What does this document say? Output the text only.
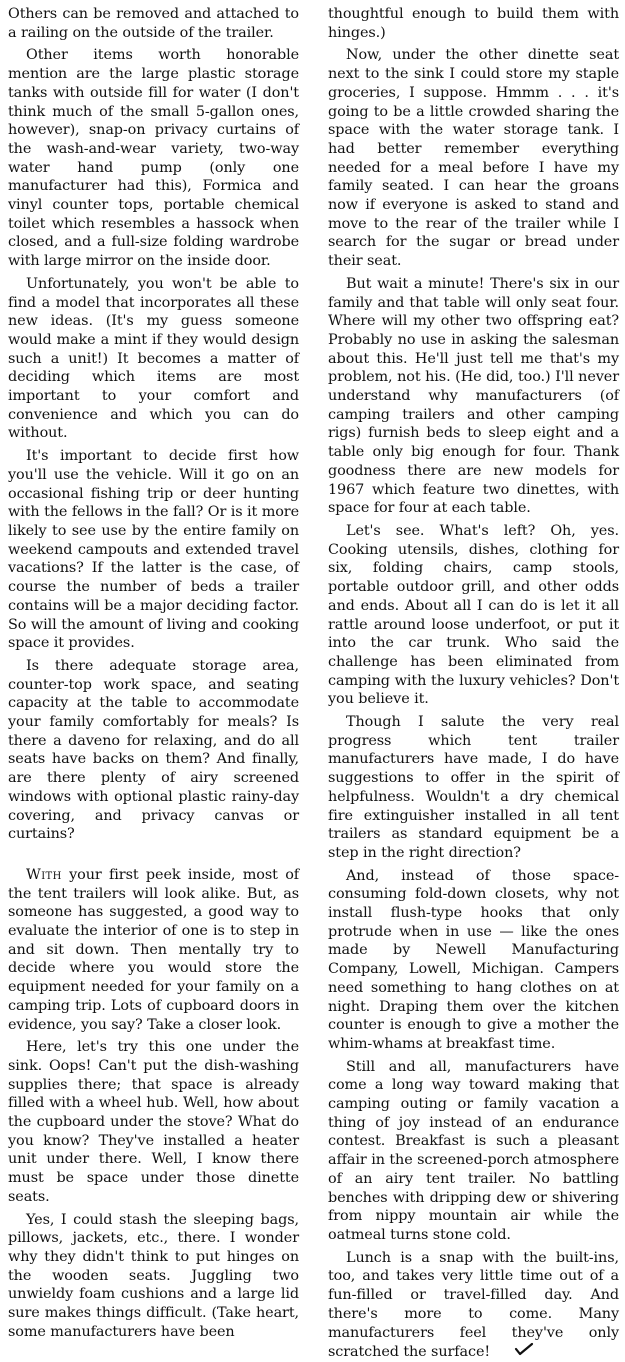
Others can be removed and attached to a railing on the outside of the trailer.

Other items worth honorable mention are the large plastic storage tanks with outside fill for water (I don't think much of the small 5-gallon ones, however), snap-on privacy curtains of the wash-and-wear variety, two-way water hand pump (only one manufacturer had this), Formica and vinyl counter tops, portable chemical toilet which resembles a hassock when closed, and a full-size folding wardrobe with large mirror on the inside door.

Unfortunately, you won't be able to find a model that incorporates all these new ideas. (It's my guess someone would make a mint if they would design such a unit!) It becomes a matter of deciding which items are most important to your comfort and convenience and which you can do without.

It's important to decide first how you'll use the vehicle. Will it go on an occasional fishing trip or deer hunting with the fellows in the fall? Or is it more likely to see use by the entire family on weekend campouts and extended travel vacations? If the latter is the case, of course the number of beds a trailer contains will be a major deciding factor. So will the amount of living and cooking space it provides.

Is there adequate storage area, counter-top work space, and seating capacity at the table to accommodate your family comfortably for meals? Is there a daveno for relaxing, and do all seats have backs on them? And finally, are there plenty of airy screened windows with optional plastic rainy-day covering, and privacy canvas or curtains?

With your first peek inside, most of the tent trailers will look alike. But, as someone has suggested, a good way to evaluate the interior of one is to step in and sit down. Then mentally try to decide where you would store the equipment needed for your family on a camping trip. Lots of cupboard doors in evidence, you say? Take a closer look.

Here, let's try this one under the sink. Oops! Can't put the dish-washing supplies there; that space is already filled with a wheel hub. Well, how about the cupboard under the stove? What do you know? They've installed a heater unit under there. Well, I know there must be space under those dinette seats.

Yes, I could stash the sleeping bags, pillows, jackets, etc., there. I wonder why they didn't think to put hinges on the wooden seats. Juggling two unwieldy foam cushions and a large lid sure makes things difficult. (Take heart, some manufacturers have been

thoughtful enough to build them with hinges.)

Now, under the other dinette seat next to the sink I could store my staple groceries, I suppose. Hmmm . . . it's going to be a little crowded sharing the space with the water storage tank. I had better remember everything needed for a meal before I have my family seated. I can hear the groans now if everyone is asked to stand and move to the rear of the trailer while I search for the sugar or bread under their seat.

But wait a minute! There's six in our family and that table will only seat four. Where will my other two offspring eat? Probably no use in asking the salesman about this. He'll just tell me that's my problem, not his. (He did, too.) I'll never understand why manufacturers (of camping trailers and other camping rigs) furnish beds to sleep eight and a table only big enough for four. Thank goodness there are new models for 1967 which feature two dinettes, with space for four at each table.

Let's see. What's left? Oh, yes. Cooking utensils, dishes, clothing for six, folding chairs, camp stools, portable outdoor grill, and other odds and ends. About all I can do is let it all rattle around loose underfoot, or put it into the car trunk. Who said the challenge has been eliminated from camping with the luxury vehicles? Don't you believe it.

Though I salute the very real progress which tent trailer manufacturers have made, I do have suggestions to offer in the spirit of helpfulness. Wouldn't a dry chemical fire extinguisher installed in all tent trailers as standard equipment be a step in the right direction?

And, instead of those space-consuming fold-down closets, why not install flush-type hooks that only protrude when in use — like the ones made by Newell Manufacturing Company, Lowell, Michigan. Campers need something to hang clothes on at night. Draping them over the kitchen counter is enough to give a mother the whim-whams at breakfast time.

Still and all, manufacturers have come a long way toward making that camping outing or family vacation a thing of joy instead of an endurance contest. Breakfast is such a pleasant affair in the screened-porch atmosphere of an airy tent trailer. No battling benches with dripping dew or shivering from nippy mountain air while the oatmeal turns stone cold.

Lunch is a snap with the built-ins, too, and takes very little time out of a fun-filled or travel-filled day. And there's more to come. Many manufacturers feel they've only scratched the surface!
